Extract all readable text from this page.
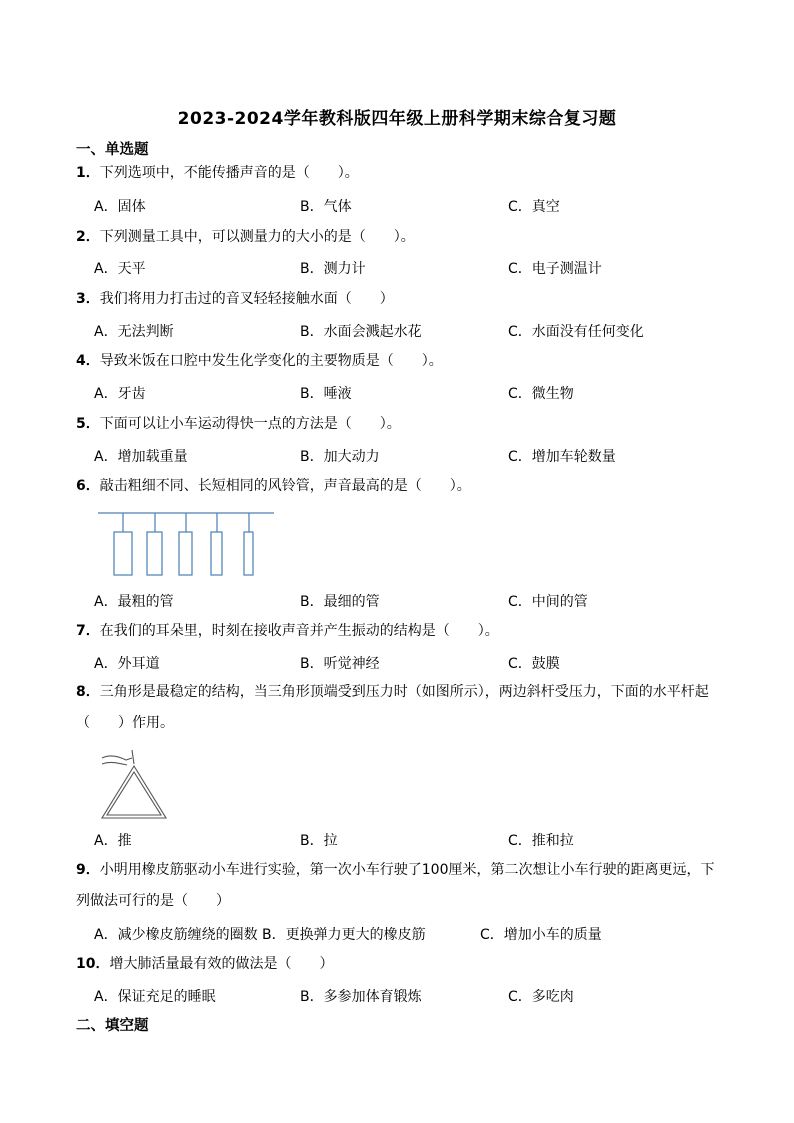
2023-2024学年教科版四年级上册科学期末综合复习题
一、单选题
1．下列选项中，不能传播声音的是（　　）。
A．固体	B．气体	C．真空
2．下列测量工具中，可以测量力的大小的是（　　）。
A．天平	B．测力计	C．电子测温计
3．我们将用力打击过的音叉轻轻接触水面（　　）
A．无法判断	B．水面会溅起水花	C．水面没有任何变化
4．导致米饭在口腔中发生化学变化的主要物质是（　　）。
A．牙齿	B．唾液	C．微生物
5．下面可以让小车运动得快一点的方法是（　　）。
A．增加载重量	B．加大动力	C．增加车轮数量
6．敲击粗细不同、长短相同的风铃管，声音最高的是（　　）。
A．最粗的管	B．最细的管	C．中间的管
7．在我们的耳朵里，时刻在接收声音并产生振动的结构是（　　）。
A．外耳道	B．听觉神经	C．鼓膜
8．三角形是最稳定的结构，当三角形顶端受到压力时（如图所示），两边斜杆受压力，下面的水平杆起（　　）作用。
A．推	B．拉	C．推和拉
9．小明用橡皮筋驱动小车进行实验，第一次小车行驶了100厘米，第二次想让小车行驶的距离更远，下列做法可行的是（　　）
A．减少橡皮筋缠绕的圈数 B．更换弹力更大的橡皮筋	C．增加小车的质量
10．增大肺活量最有效的做法是（　　）
A．保证充足的睡眠	B．多参加体育锻炼	C．多吃肉
二、填空题
